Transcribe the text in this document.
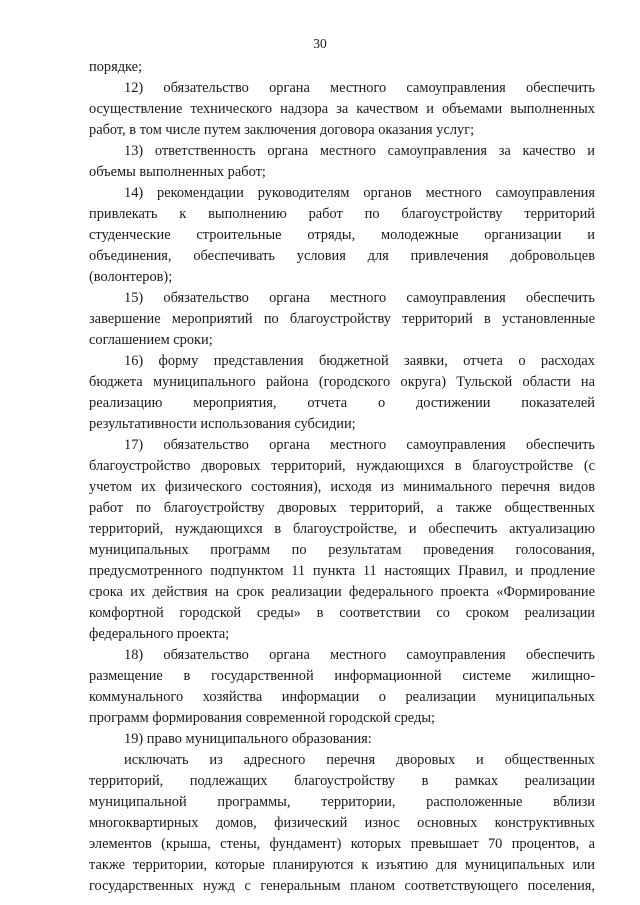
30
порядке;
12) обязательство органа местного самоуправления обеспечить
осуществление технического надзора за качеством и объемами выполненных
работ, в том числе путем заключения договора оказания услуг;
13) ответственность органа местного самоуправления за качество и
объемы выполненных работ;
14) рекомендации руководителям органов местного самоуправления
привлекать к выполнению работ по благоустройству территорий
студенческие строительные отряды, молодежные организации и
объединения, обеспечивать условия для привлечения добровольцев
(волонтеров);
15) обязательство органа местного самоуправления обеспечить
завершение мероприятий по благоустройству территорий в установленные
соглашением сроки;
16) форму представления бюджетной заявки, отчета о расходах
бюджета муниципального района (городского округа) Тульской области на
реализацию мероприятия, отчета о достижении показателей
результативности использования субсидии;
17) обязательство органа местного самоуправления обеспечить
благоустройство дворовых территорий, нуждающихся в благоустройстве (с
учетом их физического состояния), исходя из минимального перечня видов
работ по благоустройству дворовых территорий, а также общественных
территорий, нуждающихся в благоустройстве, и обеспечить актуализацию
муниципальных программ по результатам проведения голосования,
предусмотренного подпунктом 11 пункта 11 настоящих Правил, и продление
срока их действия на срок реализации федерального проекта «Формирование
комфортной городской среды» в соответствии со сроком реализации
федерального проекта;
18) обязательство органа местного самоуправления обеспечить
размещение в государственной информационной системе жилищно-
коммунального хозяйства информации о реализации муниципальных
программ формирования современной городской среды;
19) право муниципального образования:
исключать из адресного перечня дворовых и общественных
территорий, подлежащих благоустройству в рамках реализации
муниципальной программы, территории, расположенные вблизи
многоквартирных домов, физический износ основных конструктивных
элементов (крыша, стены, фундамент) которых превышает 70 процентов, а
также территории, которые планируются к изъятию для муниципальных или
государственных нужд с генеральным планом соответствующего поселения,
